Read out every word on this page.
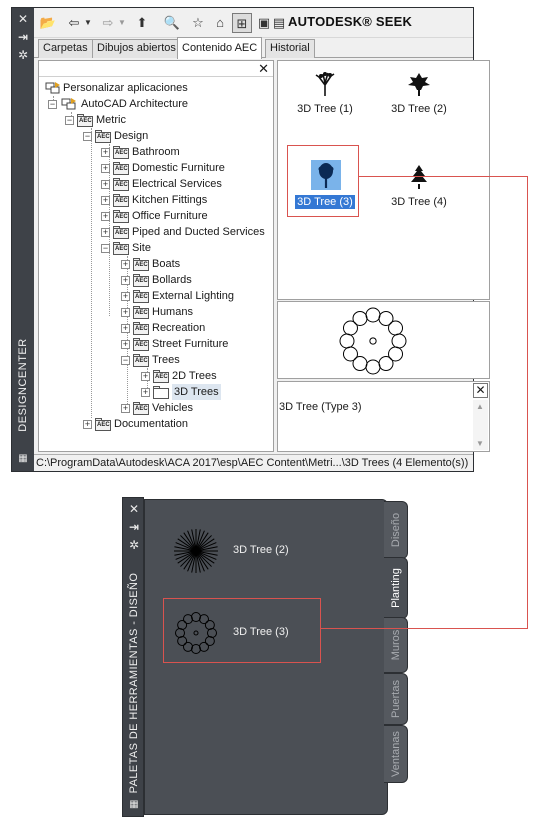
✕
⇥
✲
DESIGNCENTER
▦
📂 ⇦ ▼ ⇨ ▼ ⬆	🔍 ☆ ⌂ ⊞ ▣ ▤ AUTODESK® SEEK
Carpetas Dibujos abiertos Contenido AEC	Historial
✕
Personalizar aplicaciones
− AutoCAD Architecture
−	AEC Metric
−	AEC Design
+	AEC Bathroom
+	AEC Domestic Furniture
+	AEC Electrical Services
+	AEC Kitchen Fittings
+	AEC Office Furniture
+	AEC Piped and Ducted Services
−	AEC Site
+	AEC Boats
+	AEC Bollards
+	AEC External Lighting
+	AEC Humans
+	AEC Recreation
+	AEC Street Furniture
−	AEC Trees
+	AEC 2D Trees
+ 3D Trees
+	AEC Vehicles
+	AEC Documentation
3D Tree (1)	3D Tree (2)
3D Tree (3)	3D Tree (4)
✕
3D Tree (Type 3)	▲
▼
C:\ProgramData\Autodesk\ACA 2017\esp\AEC Content\Metri...\3D Trees (4 Elemento(s))
✕
⇥
✲
PALETAS DE HERRAMIENTAS - DISEÑO
▦
3D Tree (2)
3D Tree (3)
Diseño
Planting
Muros
Puertas
Ventanas
